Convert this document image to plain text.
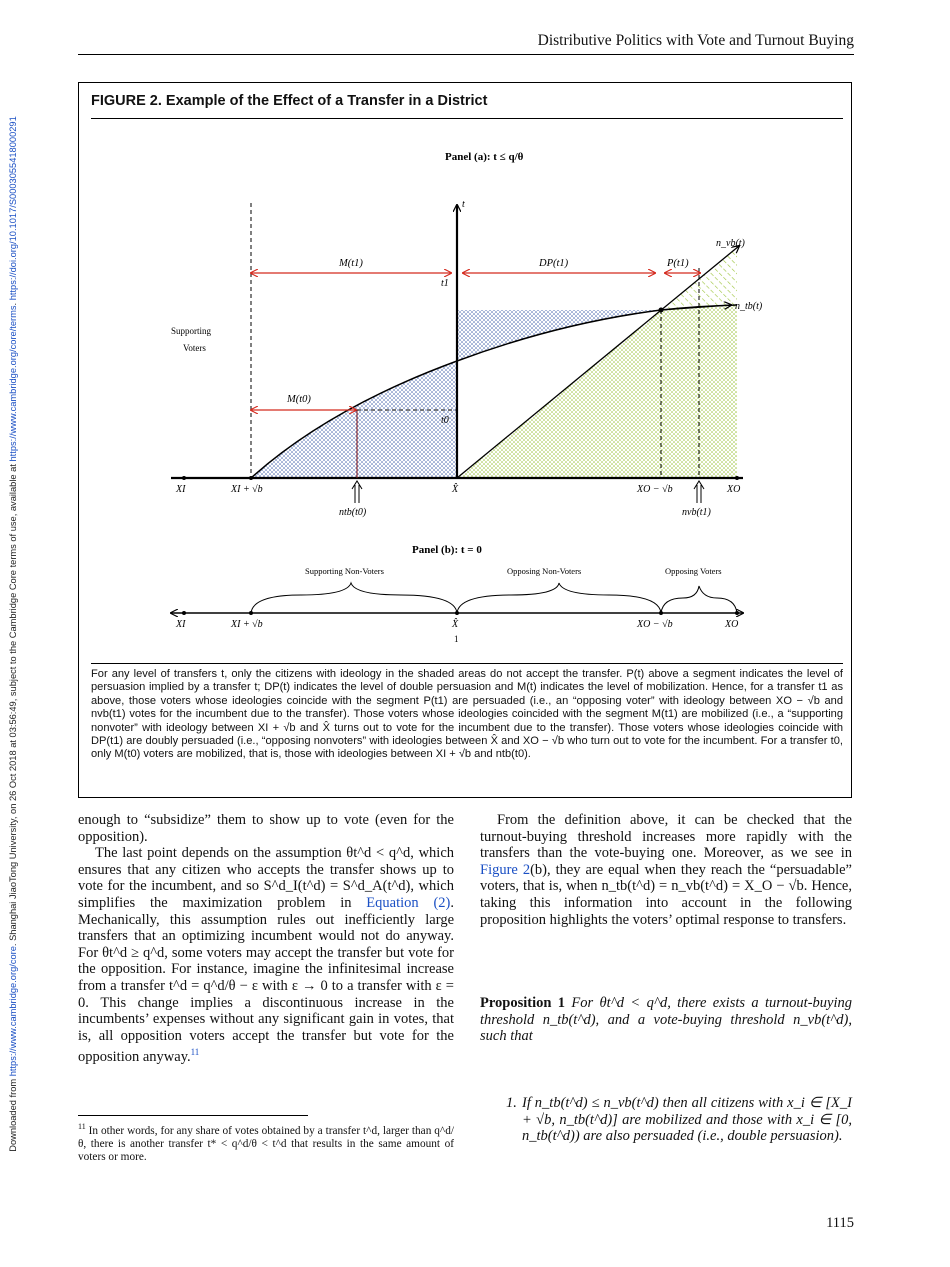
Downloaded from https://www.cambridge.org/core. Shanghai JiaoTong University, on 26 Oct 2018 at 03:56:49, subject to the Cambridge Core terms of use, available at https://www.cambridge.org/core/terms. https://doi.org/10.1017/S0003055418000291
Distributive Politics with Vote and Turnout Buying
FIGURE 2. Example of the Effect of a Transfer in a District
Panel (a): t ≤ q/θ
t
M(t1)	DP(t1)	P(t1)
t1
M(t0)
t0
n_vb(t)
n_tb(t)
Supporting
Voters
XI	XI + √b	X̂	XO − √b	XO
ntb(t0)	nvb(t1)
Panel (b): t = 0
Supporting Non-Voters	Opposing Non-Voters	Opposing Voters
XI	XI + √b	X̂
1
XO − √b	XO
For any level of transfers t, only the citizens with ideology in the shaded areas do not accept the transfer. P(t) above a segment indicates the level of persuasion implied by a transfer t; DP(t) indicates the level of double persuasion and M(t) indicates the level of mobilization. Hence, for a transfer t1 as above, those voters whose ideologies coincide with the segment P(t1) are persuaded (i.e., an “opposing voter” with ideology between XO − √b and nvb(t1) votes for the incumbent due to the transfer). Those voters whose ideologies coincided with the segment M(t1) are mobilized (i.e., a “supporting nonvoter” with ideology between XI + √b and X̂ turns out to vote for the incumbent due to the transfer). Those voters whose ideologies coincide with DP(t1) are doubly persuaded (i.e., “opposing nonvoters” with ideologies between X̂ and XO − √b who turn out to vote for the incumbent. For a transfer t0, only M(t0) voters are mobilized, that is, those with ideologies between XI + √b and ntb(t0).

enough to “subsidize” them to show up to vote (even for the opposition).

The last point depends on the assumption θt^d < q^d, which ensures that any citizen who accepts the transfer shows up to vote for the incumbent, and so S^d_I(t^d) = S^d_A(t^d), which simplifies the maximization problem in Equation (2). Mechanically, this assumption rules out inefficiently large transfers that an optimizing incumbent would not do anyway. For θt^d ≥ q^d, some voters may accept the transfer but vote for the opposition. For instance, imagine the infinitesimal increase from a transfer t^d = q^d/θ − ε with ε → 0 to a transfer with ε = 0. This change implies a discontinuous increase in the incumbents’ expenses without any significant gain in votes, that is, all opposition voters accept the transfer but vote for the opposition anyway.$^{11}$

$^{11}$ In other words, for any share of votes obtained by a transfer t^d, larger than q^d/θ, there is another transfer t* < q^d/θ < t^d that results in the same amount of voters or more.

From the definition above, it can be checked that the turnout-buying threshold increases more rapidly with the transfers than the vote-buying one. Moreover, as we see in Figure 2(b), they are equal when they reach the “persuadable” voters, that is, when n_tb(t^d) = n_vb(t^d) = X_O − √b. Hence, taking this information into account in the following proposition highlights the voters’ optimal response to transfers.

Proposition 1 For θt^d < q^d, there exists a turnout-buying threshold n_tb(t^d), and a vote-buying threshold n_vb(t^d), such that
1. If n_tb(t^d) ≤ n_vb(t^d) then all citizens with x_i ∈ [X_I + √b, n_tb(t^d)] are mobilized and those with x_i ∈ [0, n_tb(t^d)) are also persuaded (i.e., double persuasion).
1115
